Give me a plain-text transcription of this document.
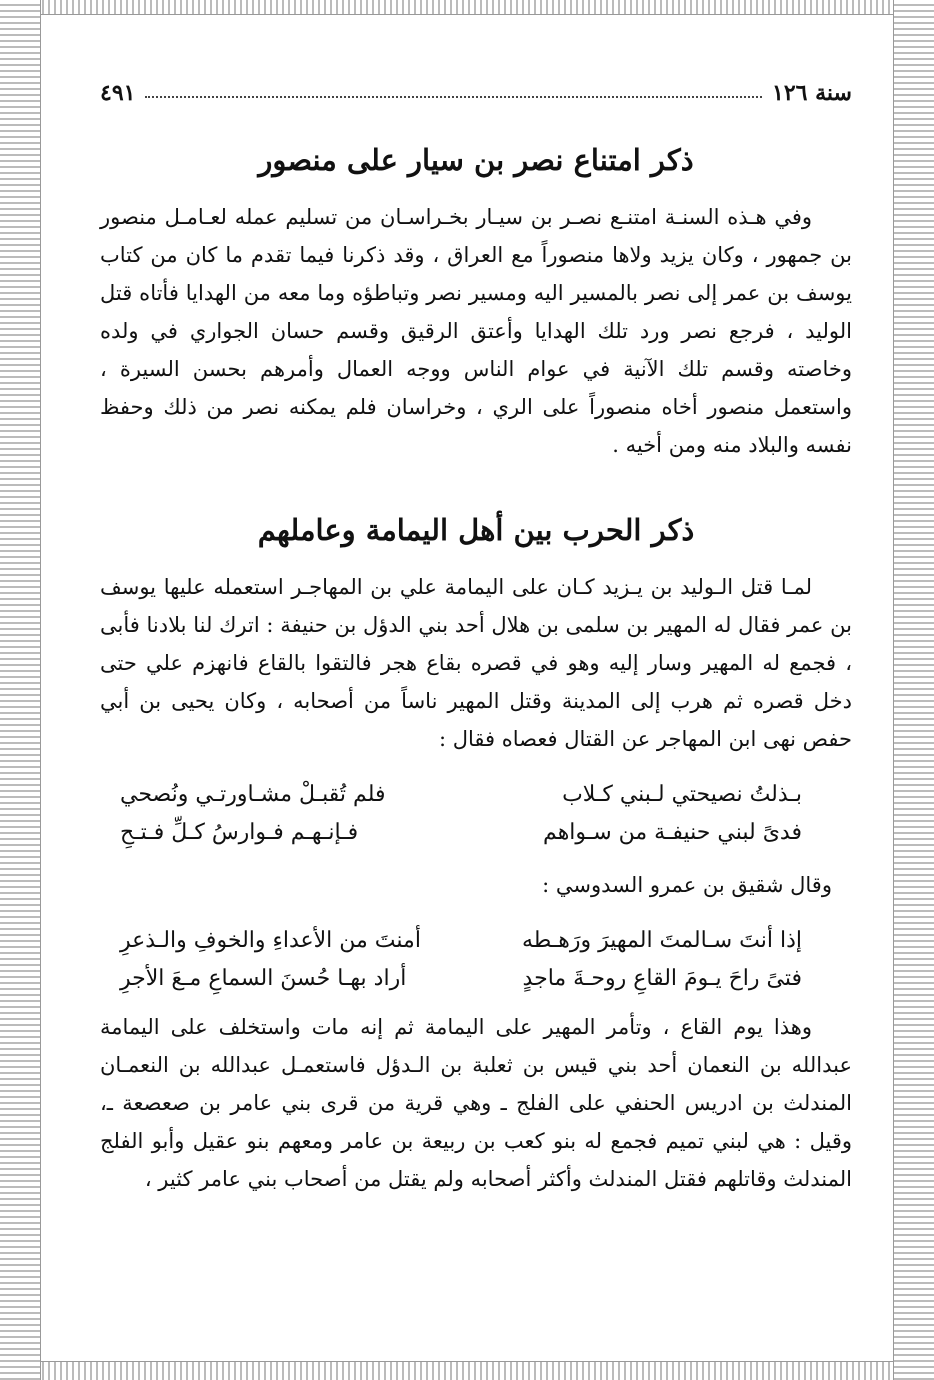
سنة ١٢٦
٤٩١
ذكر امتناع نصر بن سيار على منصور

وفي هـذه السنـة امتنـع نصـر بن سيـار بخـراسـان من تسليم عمله لعـامـل منصور بن جمهور ، وكان يزيد ولاها منصوراً مع العراق ، وقد ذكرنا فيما تقدم ما كان من كتاب يوسف بن عمر إلى نصر بالمسير اليه ومسير نصر وتباطؤه وما معه من الهدايا فأتاه قتل الوليد ، فرجع نصر ورد تلك الهدايا وأعتق الرقيق وقسم حسان الجواري في ولده وخاصته وقسم تلك الآنية في عوام الناس ووجه العمال وأمرهم بحسن السيرة ، واستعمل منصور أخاه منصوراً على الري ، وخراسان فلم يمكنه نصر من ذلك وحفظ نفسه والبلاد منه ومن أخيه .

ذكر الحرب بين أهل اليمامة وعاملهم

لمـا قتل الـوليد بن يـزيد كـان على اليمامة علي بن المهاجـر استعمله عليها يوسف بن عمر فقال له المهير بن سلمى بن هلال أحد بني الدؤل بن حنيفة : اترك لنا بلادنا فأبى ، فجمع له المهير وسار إليه وهو في قصره بقاع هجر فالتقوا بالقاع فانهزم علي حتى دخل قصره ثم هرب إلى المدينة وقتل المهير ناساً من أصحابه ، وكان يحيى بن أبي حفص نهى ابن المهاجر عن القتال فعصاه فقال :

بـذلتُ نصيحتي لـبني كـلاب
فلم تُقبـلْ مشـاورتـي ونُصحي
فدىً لبني حنيفـة من سـواهم
فـإنـهـم فـوارسُ كـلِّ فـتـحِ
وقال شقيق بن عمرو السدوسي :
إذا أنتَ سـالمتَ المهيرَ ورَهـطه
أمنتَ من الأعداءِ والخوفِ والـذعرِ
فتىً راحَ يـومَ القاعِ روحـةَ ماجدٍ
أراد بهـا حُسنَ السماعِ مـعَ الأجرِ

وهذا يوم القاع ، وتأمر المهير على اليمامة ثم إنه مات واستخلف على اليمامة عبدالله بن النعمان أحد بني قيس بن ثعلبة بن الـدؤل فاستعمـل عبدالله بن النعمـان المندلث بن ادريس الحنفي على الفلج ـ وهي قرية من قرى بني عامر بن صعصعة ـ، وقيل : هي لبني تميم فجمع له بنو كعب بن ربيعة بن عامر ومعهم بنو عقيل وأبو الفلج المندلث وقاتلهم فقتل المندلث وأكثر أصحابه ولم يقتل من أصحاب بني عامر كثير ،
